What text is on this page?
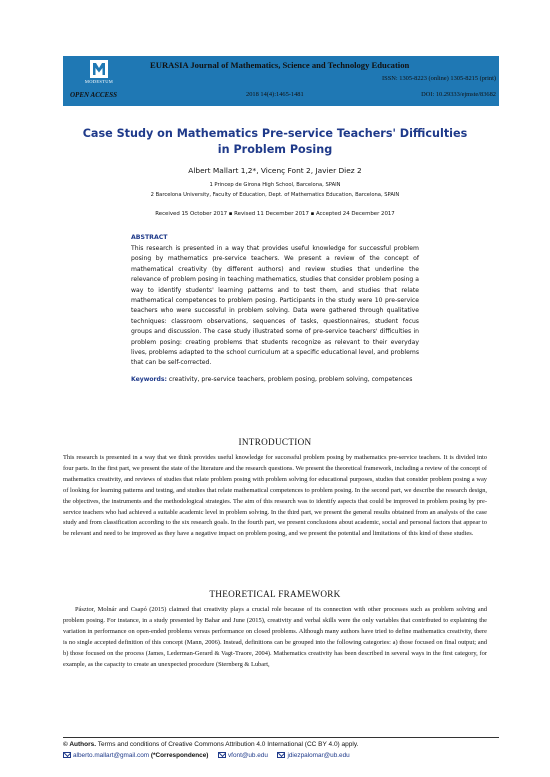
MODESTUM
EURASIA Journal of Mathematics, Science and Technology Education
ISSN: 1305-8223 (online) 1305-8215 (print)
OPEN ACCESS	2018 14(4):1465-1481	DOI: 10.29333/ejmste/83682
Case Study on Mathematics Pre-service Teachers' Difficulties in Problem Posing
Albert Mallart 1,2*, Vicenç Font 2, Javier Diez 2
1 Princep de Girona High School, Barcelona, SPAIN
2 Barcelona University, Faculty of Education, Dept. of Mathematics Education, Barcelona, SPAIN
Received 15 October 2017 ▪ Revised 11 December 2017 ▪ Accepted 24 December 2017
ABSTRACT
This research is presented in a way that provides useful knowledge for successful problem posing by mathematics pre-service teachers. We present a review of the concept of mathematical creativity (by different authors) and review studies that underline the relevance of problem posing in teaching mathematics, studies that consider problem posing a way to identify students' learning patterns and to test them, and studies that relate mathematical competences to problem posing. Participants in the study were 10 pre-service teachers who were successful in problem solving. Data were gathered through qualitative techniques: classroom observations, sequences of tasks, questionnaires, student focus groups and discussion. The case study illustrated some of pre-service teachers' difficulties in problem posing: creating problems that students recognize as relevant to their everyday lives, problems adapted to the school curriculum at a specific educational level, and problems that can be self-corrected.
Keywords: creativity, pre-service teachers, problem posing, problem solving, competences
INTRODUCTION
This research is presented in a way that we think provides useful knowledge for successful problem posing by mathematics pre-service teachers. It is divided into four parts. In the first part, we present the state of the literature and the research questions. We present the theoretical framework, including a review of the concept of mathematics creativity, and reviews of studies that relate problem posing with problem solving for educational purposes, studies that consider problem posing a way of looking for learning patterns and testing, and studies that relate mathematical competences to problem posing. In the second part, we describe the research design, the objectives, the instruments and the methodological strategies. The aim of this research was to identify aspects that could be improved in problem posing by pre-service teachers who had achieved a suitable academic level in problem solving. In the third part, we present the general results obtained from an analysis of the case study and from classification according to the six research goals. In the fourth part, we present conclusions about academic, social and personal factors that appear to be relevant and need to be improved as they have a negative impact on problem posing, and we present the potential and limitations of this kind of these studies.
THEORETICAL FRAMEWORK
Pásztor, Molnár and Csapó (2015) claimed that creativity plays a crucial role because of its connection with other processes such as problem solving and problem posing. For instance, in a study presented by Bahar and June (2015), creativity and verbal skills were the only variables that contributed to explaining the variation in performance on open-ended problems versus performance on closed problems. Although many authors have tried to define mathematics creativity, there is no single accepted definition of this concept (Mann, 2006). Instead, definitions can be grouped into the following categories: a) those focused on final output; and b) those focused on the process (James, Lederman-Gerard & Vagt-Traore, 2004). Mathematics creativity has been described in several ways in the first category, for example, as the capacity to create an unexpected procedure (Sternberg & Lubart,
© Authors. Terms and conditions of Creative Commons Attribution 4.0 International (CC BY 4.0) apply.
alberto.mallart@gmail.com (*Correspondence)	vfont@ub.edu	jdiezpalomar@ub.edu
